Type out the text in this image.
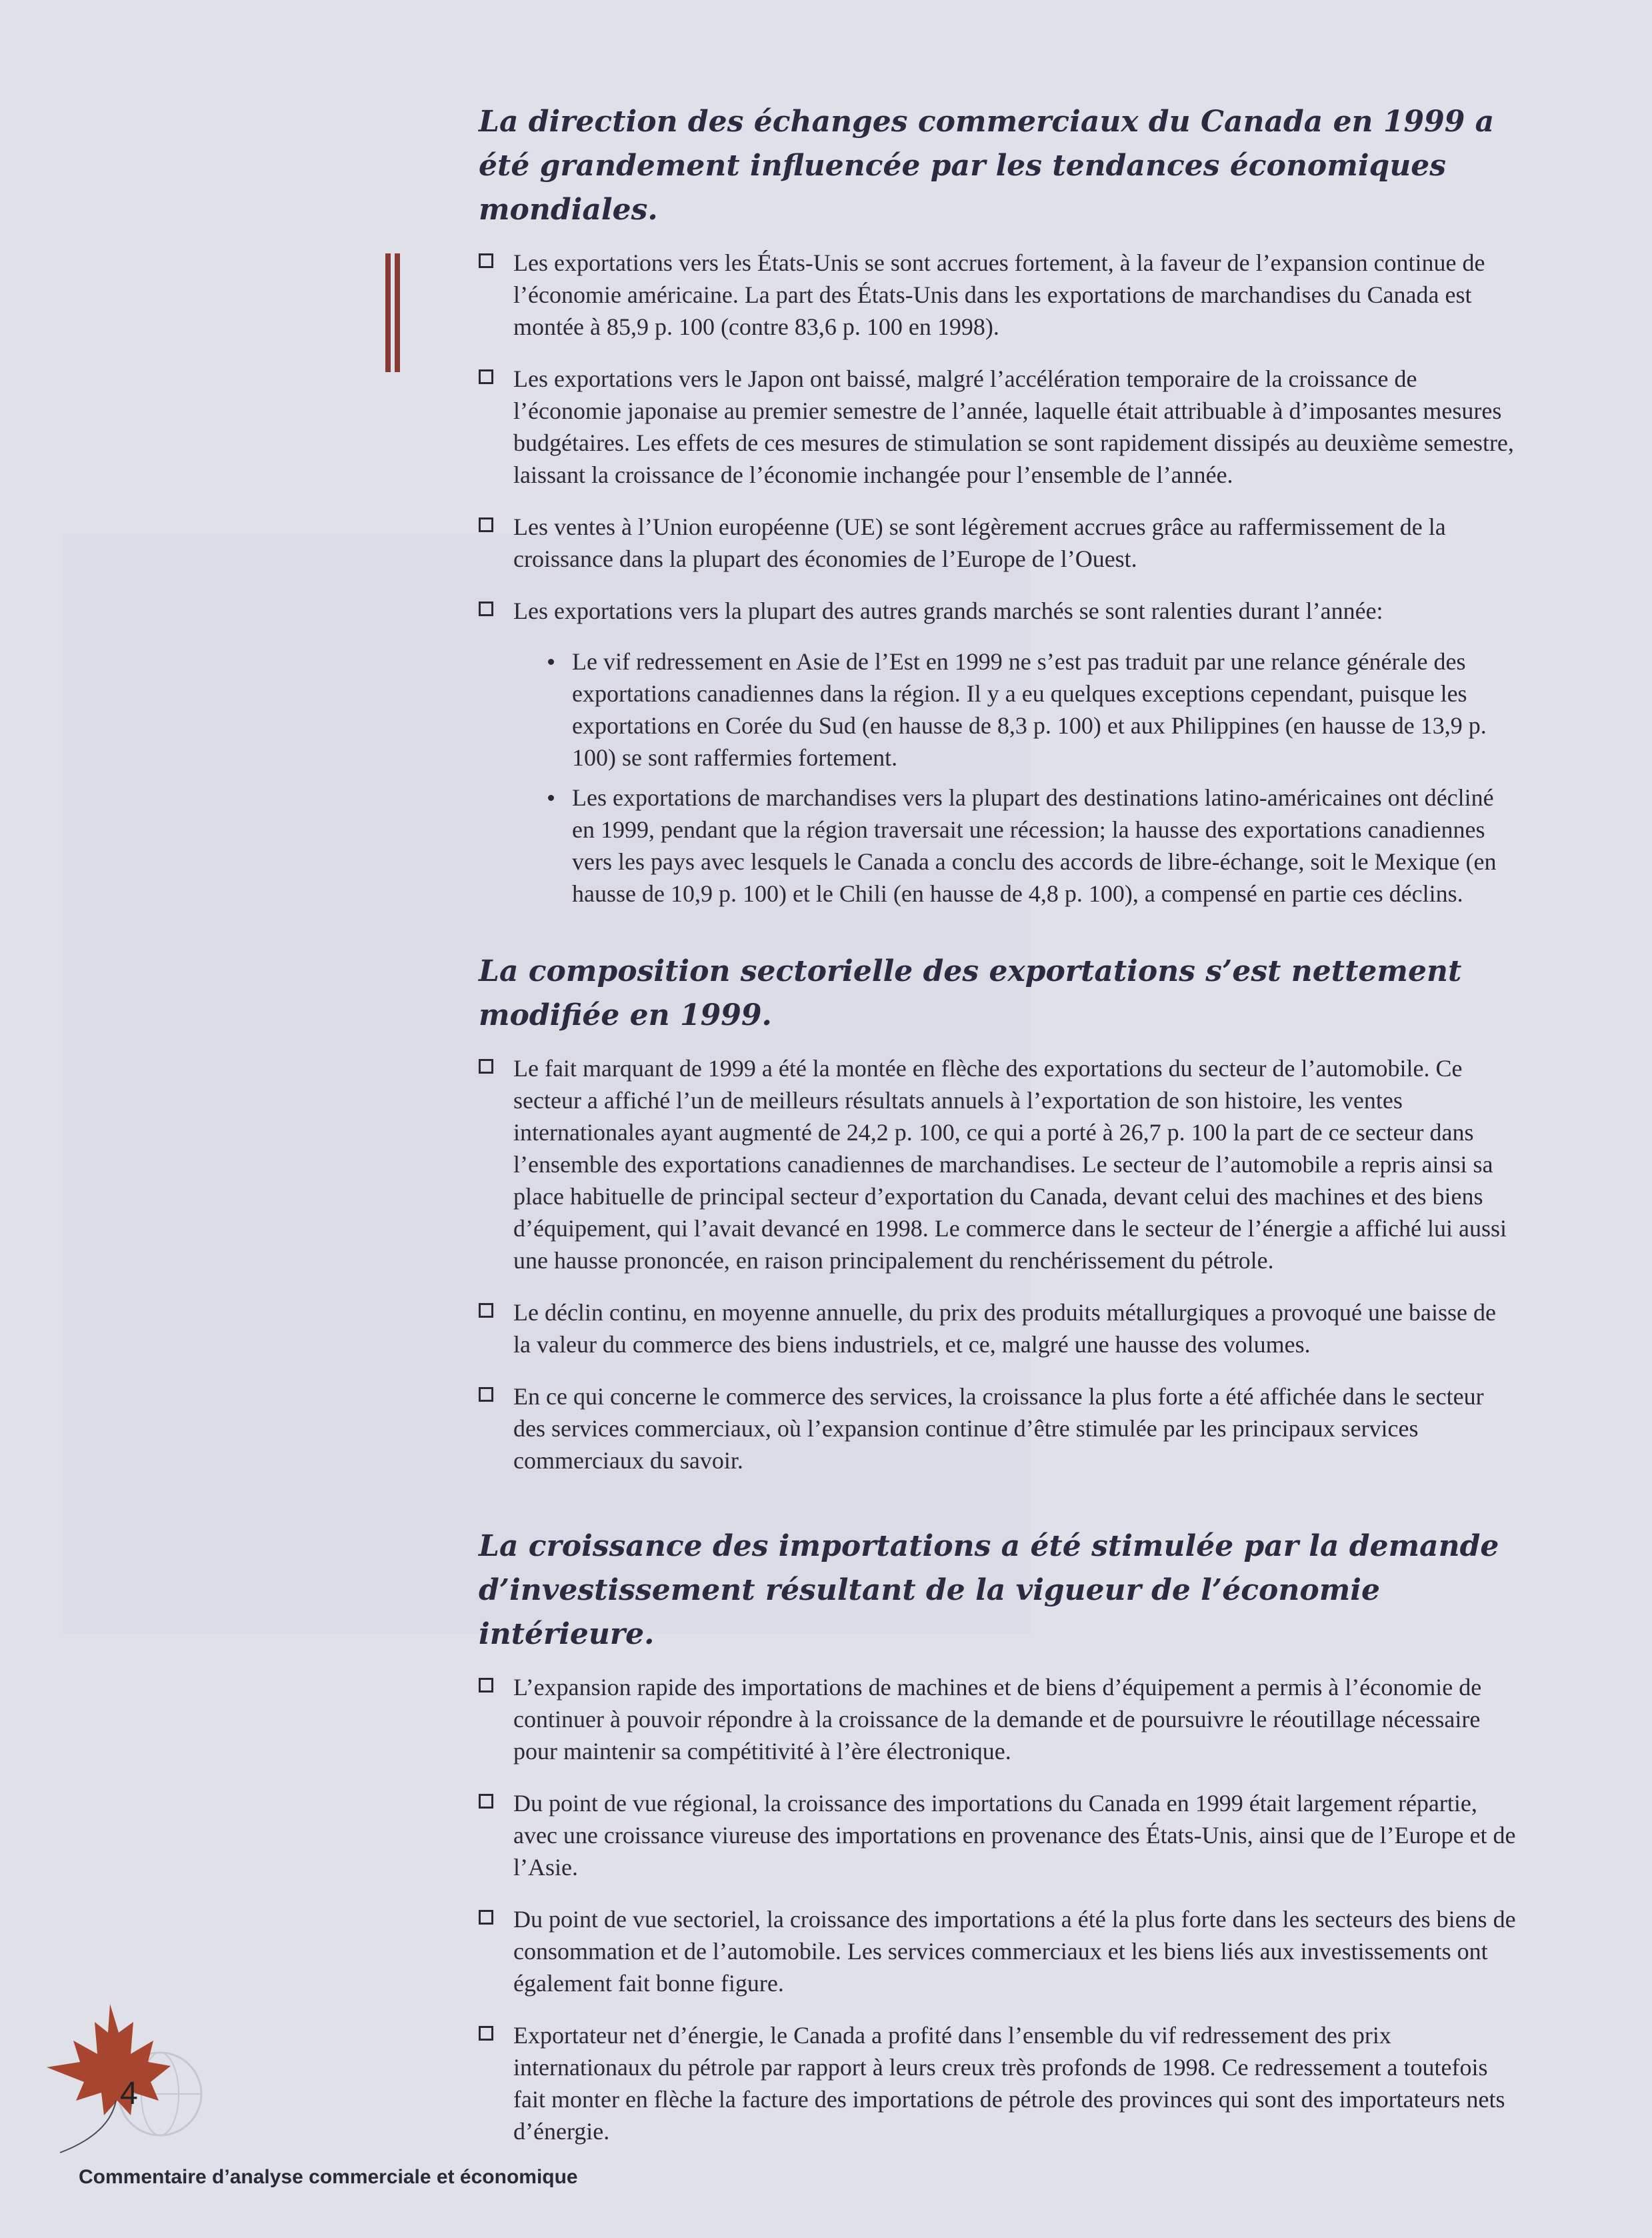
La direction des échanges commerciaux du Canada en 1999 a été grandement influencée par les tendances économiques mondiales.
Les exportations vers les États-Unis se sont accrues fortement, à la faveur de l’expansion continue de l’économie américaine. La part des États-Unis dans les exportations de marchandises du Canada est montée à 85,9 p. 100 (contre 83,6 p. 100 en 1998).
Les exportations vers le Japon ont baissé, malgré l’accélération temporaire de la croissance de l’économie japonaise au premier semestre de l’année, laquelle était attribuable à d’imposantes mesures budgétaires. Les effets de ces mesures de stimulation se sont rapidement dissipés au deuxième semestre, laissant la croissance de l’économie inchangée pour l’ensemble de l’année.
Les ventes à l’Union européenne (UE) se sont légèrement accrues grâce au raffermissement de la croissance dans la plupart des économies de l’Europe de l’Ouest.
Les exportations vers la plupart des autres grands marchés se sont ralenties durant l’année:
Le vif redressement en Asie de l’Est en 1999 ne s’est pas traduit par une relance générale des exportations canadiennes dans la région. Il y a eu quelques exceptions cependant, puisque les exportations en Corée du Sud (en hausse de 8,3 p. 100) et aux Philippines (en hausse de 13,9 p. 100) se sont raffermies fortement.
Les exportations de marchandises vers la plupart des destinations latino-américaines ont décliné en 1999, pendant que la région traversait une récession; la hausse des exportations canadiennes vers les pays avec lesquels le Canada a conclu des accords de libre-échange, soit le Mexique (en hausse de 10,9 p. 100) et le Chili (en hausse de 4,8 p. 100), a compensé en partie ces déclins.
La composition sectorielle des exportations s’est nettement modifiée en 1999.
Le fait marquant de 1999 a été la montée en flèche des exportations du secteur de l’automobile. Ce secteur a affiché l’un de meilleurs résultats annuels à l’exportation de son histoire, les ventes internationales ayant augmenté de 24,2 p. 100, ce qui a porté à 26,7 p. 100 la part de ce secteur dans l’ensemble des exportations canadiennes de marchandises. Le secteur de l’automobile a repris ainsi sa place habituelle de principal secteur d’exportation du Canada, devant celui des machines et des biens d’équipement, qui l’avait devancé en 1998. Le commerce dans le secteur de l’énergie a affiché lui aussi une hausse prononcée, en raison principalement du renchérissement du pétrole.
Le déclin continu, en moyenne annuelle, du prix des produits métallurgiques a provoqué une baisse de la valeur du commerce des biens industriels, et ce, malgré une hausse des volumes.
En ce qui concerne le commerce des services, la croissance la plus forte a été affichée dans le secteur des services commerciaux, où l’expansion continue d’être stimulée par les principaux services commerciaux du savoir.
La croissance des importations a été stimulée par la demande d’investissement résultant de la vigueur de l’économie intérieure.
L’expansion rapide des importations de machines et de biens d’équipement a permis à l’économie de continuer à pouvoir répondre à la croissance de la demande et de poursuivre le réoutillage nécessaire pour maintenir sa compétitivité à l’ère électronique.
Du point de vue régional, la croissance des importations du Canada en 1999 était largement répartie, avec une croissance viureuse des importations en provenance des États-Unis, ainsi que de l’Europe et de l’Asie.
Du point de vue sectoriel, la croissance des importations a été la plus forte dans les secteurs des biens de consommation et de l’automobile. Les services commerciaux et les biens liés aux investissements ont également fait bonne figure.
Exportateur net d’énergie, le Canada a profité dans l’ensemble du vif redressement des prix internationaux du pétrole par rapport à leurs creux très profonds de 1998. Ce redressement a toutefois fait monter en flèche la facture des importations de pétrole des provinces qui sont des importateurs nets d’énergie.
4
Commentaire d’analyse commerciale et économique
